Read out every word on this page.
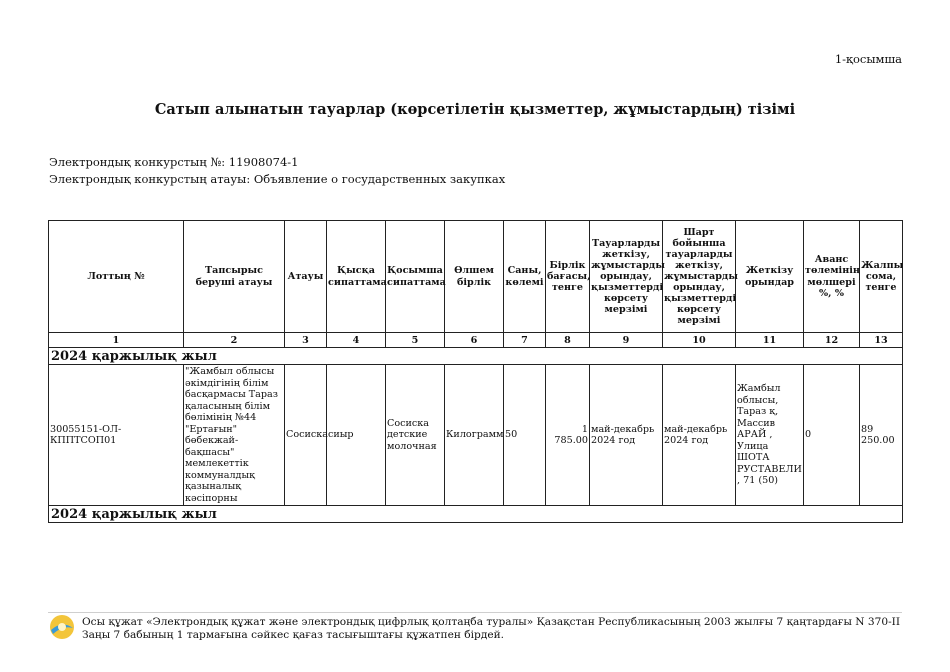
1-қосымша
Сатып алынатын тауарлар (көрсетілетін қызметтер, жұмыстардың) тізімі
Электрондық конкурстың №: 11908074-1
Электрондық конкурстың атауы: Объявление о государственных закупках
Лоттың №	Тапсырыс беруші атауы	Атауы	Қысқа сипаттама	Қосымша сипаттама	Өлшем бірлік	Саны, көлемі	Бірлік бағасы, тенге	Тауарларды жеткізу, жұмыстарды орындау, қызметтерді көрсету мерзімі	Шарт бойынша тауарларды жеткізу, жұмыстарды орындау, қызметтерді көрсету мерзімі	Жеткізу орындар	Аванс төлемінің мөлшері %, %	Жалпы сома, тенге
1	2	3	4	5	6	7	8	9	10	11	12	13
2024 қаржылық жыл												
30055151-ОЛ-КППТСОП01	"Жамбыл облысы әкімдігінің білім басқармасы Тараз қаласының білім бөлімінің №44 "Ертағын" бөбекжай-бақшасы" мемлекеттік коммуналдық қазыналық кәсіпорны	Сосиска	сиыр	Сосиска детские молочная	Килограмм	50	1 785.00	май-декабрь 2024 год	май-декабрь 2024 год	Жамбыл облысы, Тараз қ, Массив АРАЙ , Улица ШОТА РУСТАВЕЛИ, 71 (50)	0	89 250.00
2024 қаржылық жыл												
Осы құжат «Электрондық құжат және электрондық цифрлық қолтаңба туралы» Қазақстан Республикасының 2003 жылғы 7 қаңтардағы N 370-II Заңы 7 бабының 1 тармағына сәйкес қағаз тасығыштағы құжатпен бірдей.
